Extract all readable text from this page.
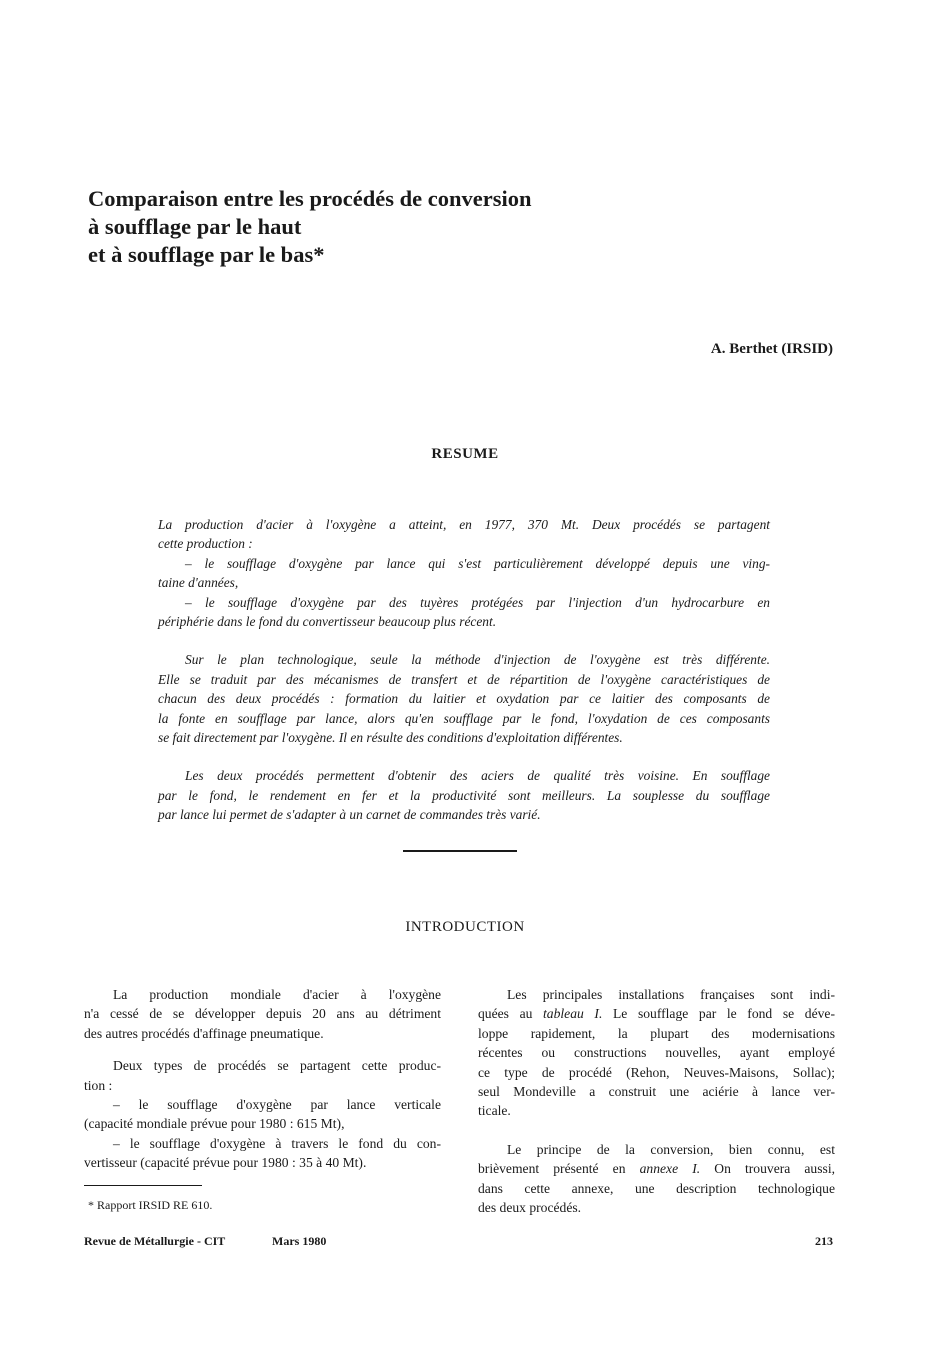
Comparaison entre les procédés de conversion
à soufflage par le haut
et à soufflage par le bas*
A. Berthet (IRSID)
RESUME

La production d'acier à l'oxygène a atteint, en 1977, 370 Mt. Deux procédés se partagent
cette production :
– le soufflage d'oxygène par lance qui s'est particulièrement développé depuis une ving-
taine d'années,
– le soufflage d'oxygène par des tuyères protégées par l'injection d'un hydrocarbure en
périphérie dans le fond du convertisseur beaucoup plus récent.

Sur le plan technologique, seule la méthode d'injection de l'oxygène est très différente.
Elle se traduit par des mécanismes de transfert et de répartition de l'oxygène caractéristiques de
chacun des deux procédés : formation du laitier et oxydation par ce laitier des composants de
la fonte en soufflage par lance, alors qu'en soufflage par le fond, l'oxydation de ces composants
se fait directement par l'oxygène. Il en résulte des conditions d'exploitation différentes.

Les deux procédés permettent d'obtenir des aciers de qualité très voisine. En soufflage
par le fond, le rendement en fer et la productivité sont meilleurs. La souplesse du soufflage
par lance lui permet de s'adapter à un carnet de commandes très varié.

INTRODUCTION

La production mondiale d'acier à l'oxygène
n'a cessé de se développer depuis 20 ans au détriment
des autres procédés d'affinage pneumatique.

Deux types de procédés se partagent cette produc-
tion :
– le soufflage d'oxygène par lance verticale
(capacité mondiale prévue pour 1980 : 615 Mt),
– le soufflage d'oxygène à travers le fond du con-
vertisseur (capacité prévue pour 1980 : 35 à 40 Mt).

* Rapport IRSID RE 610.

Les principales installations françaises sont indi-
quées au tableau I. Le soufflage par le fond se déve-
loppe rapidement, la plupart des modernisations
récentes ou constructions nouvelles, ayant employé
ce type de procédé (Rehon, Neuves-Maisons, Sollac);
seul Mondeville a construit une aciérie à lance ver-
ticale.

Le principe de la conversion, bien connu, est
brièvement présenté en annexe I. On trouvera aussi,
dans cette annexe, une description technologique
des deux procédés.

Revue de Métallurgie - CIT	Mars 1980	213
